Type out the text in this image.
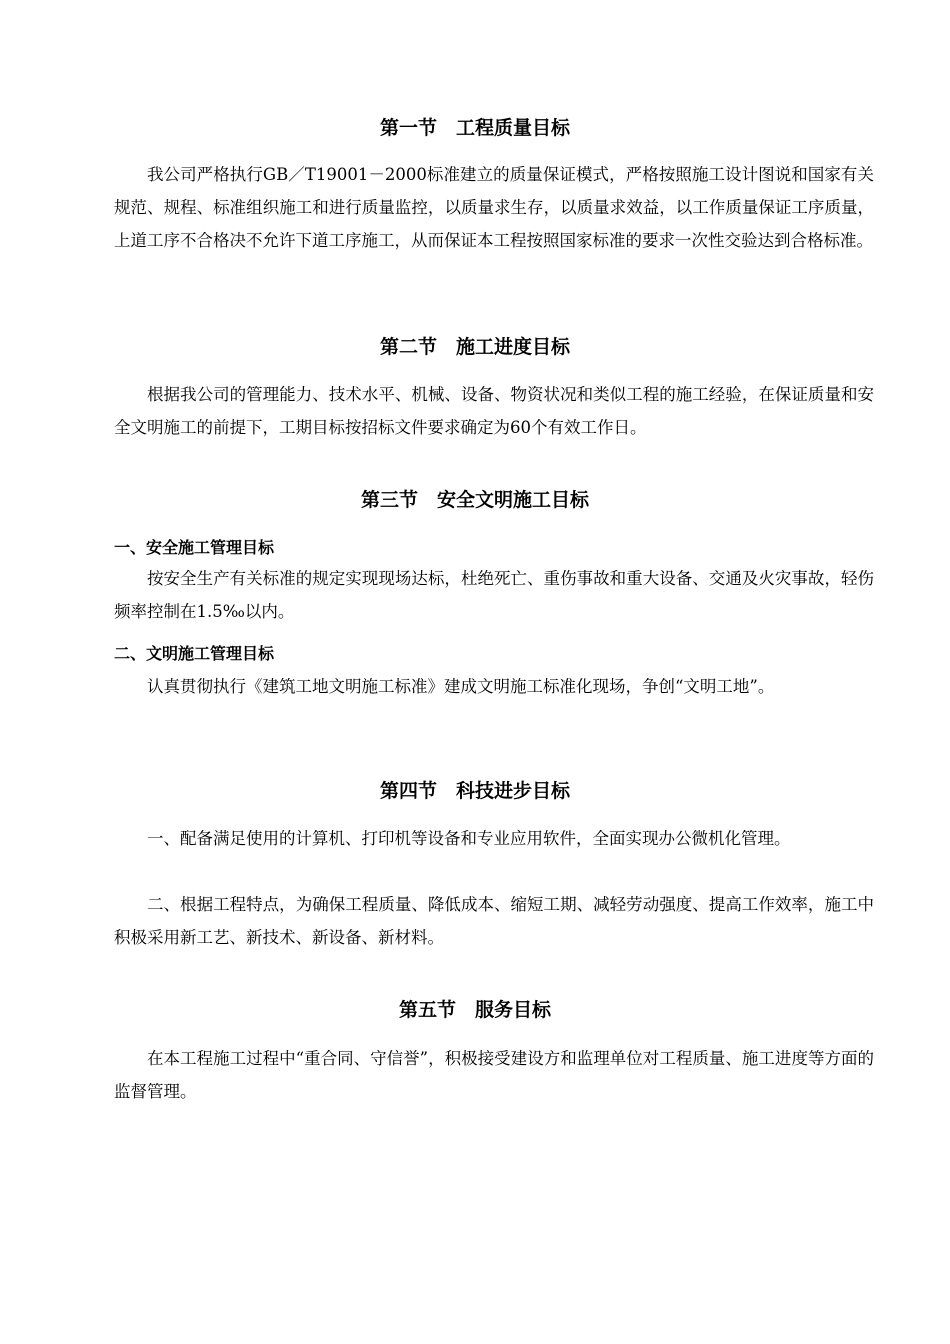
第一节　工程质量目标

我公司严格执行GB／T19001－2000标准建立的质量保证模式，严格按照施工设计图说和国家有关规范、规程、标准组织施工和进行质量监控，以质量求生存，以质量求效益，以工作质量保证工序质量，上道工序不合格决不允许下道工序施工，从而保证本工程按照国家标准的要求一次性交验达到合格标准。

第二节　施工进度目标

根据我公司的管理能力、技术水平、机械、设备、物资状况和类似工程的施工经验，在保证质量和安全文明施工的前提下，工期目标按招标文件要求确定为60个有效工作日。

第三节　安全文明施工目标
一、安全施工管理目标

按安全生产有关标准的规定实现现场达标，杜绝死亡、重伤事故和重大设备、交通及火灾事故，轻伤频率控制在1.5‰以内。

二、文明施工管理目标

认真贯彻执行《建筑工地文明施工标准》建成文明施工标准化现场，争创“文明工地”。

第四节　科技进步目标

一、配备满足使用的计算机、打印机等设备和专业应用软件，全面实现办公微机化管理。

二、根据工程特点，为确保工程质量、降低成本、缩短工期、减轻劳动强度、提高工作效率，施工中积极采用新工艺、新技术、新设备、新材料。

第五节　服务目标

在本工程施工过程中“重合同、守信誉”，积极接受建设方和监理单位对工程质量、施工进度等方面的监督管理。
